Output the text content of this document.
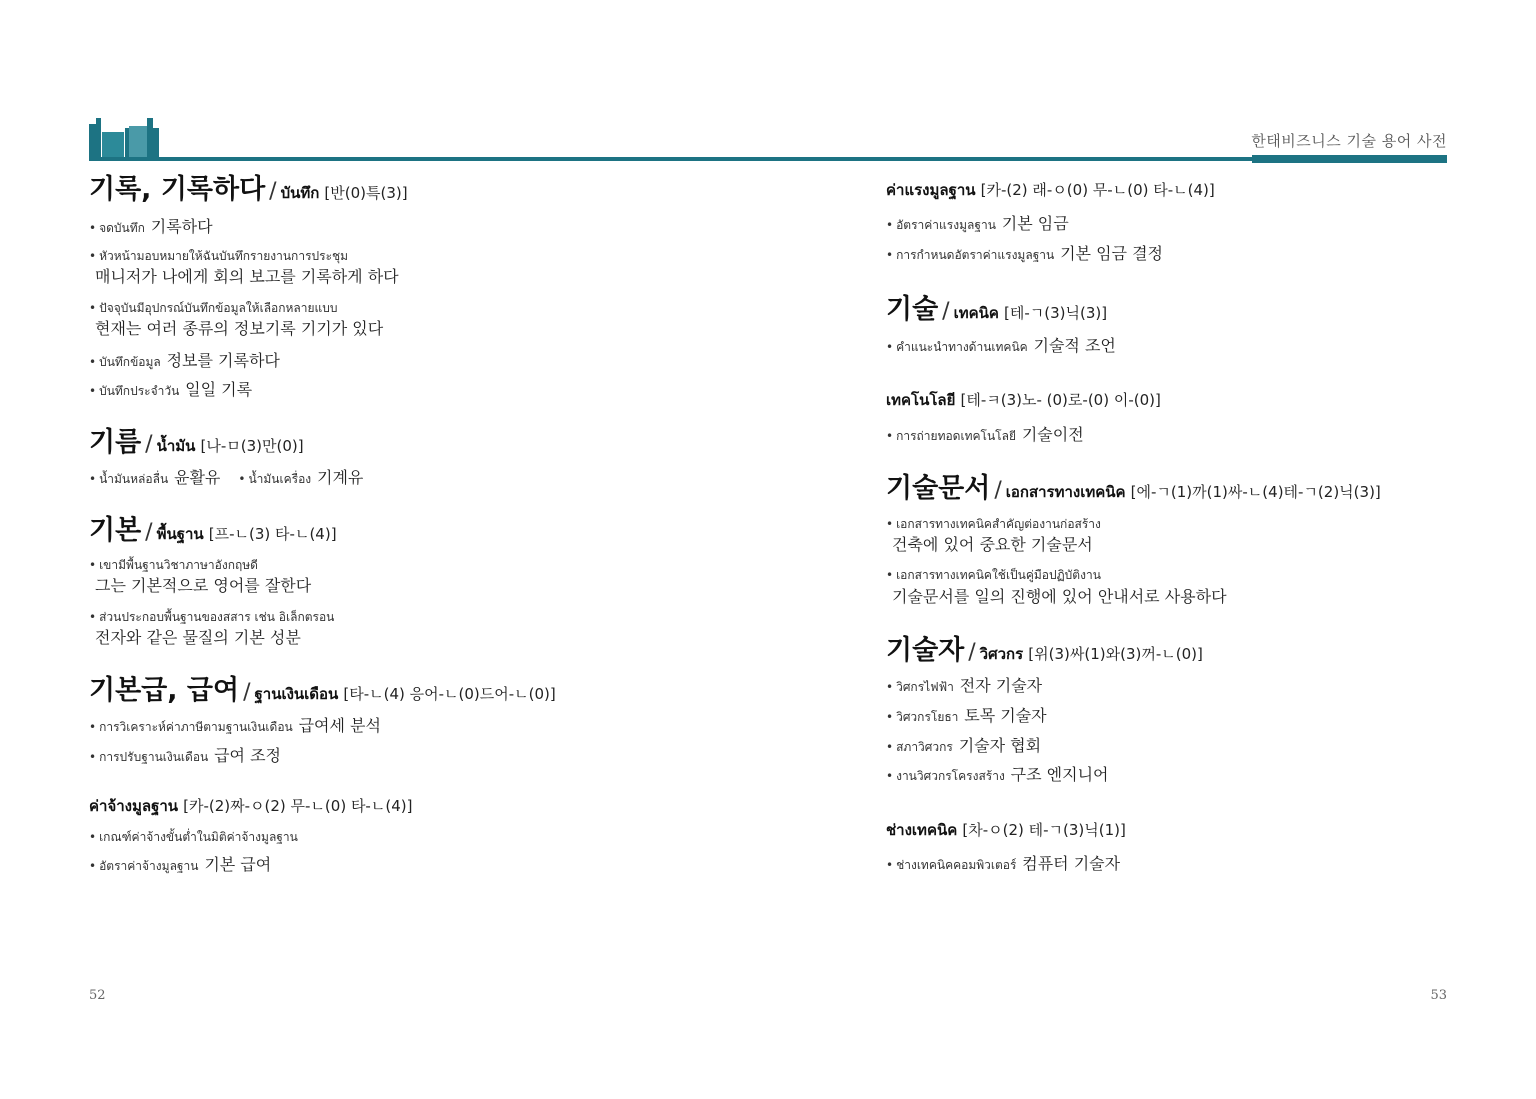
한태비즈니스 기술 용어 사전
기록, 기록하다 / บันทึก [반(0)특(3)]
• จดบันทึก 기록하다
• หัวหน้ามอบหมายให้ฉันบันทึกรายงานการประชุม
매니저가 나에게 회의 보고를 기록하게 하다
• ปัจจุบันมีอุปกรณ์บันทึกข้อมูลให้เลือกหลายแบบ
현재는 여러 종류의 정보기록 기기가 있다
• บันทึกข้อมูล 정보를 기록하다
• บันทึกประจำวัน 일일 기록
기름 / น้ำมัน [나-ㅁ(3)만(0)]
• น้ำมันหล่อลื่น 윤활유 • น้ำมันเครื่อง 기계유
기본 / พื้นฐาน [프-ㄴ(3) 타-ㄴ(4)]
• เขามีพื้นฐานวิชาภาษาอังกฤษดี
그는 기본적으로 영어를 잘한다
• ส่วนประกอบพื้นฐานของสสาร เช่น อิเล็กตรอน
전자와 같은 물질의 기본 성분
기본급, 급여 / ฐานเงินเดือน [타-ㄴ(4) 응어-ㄴ(0)드어-ㄴ(0)]
• การวิเคราะห์ค่าภาษีตามฐานเงินเดือน 급여세 분석
• การปรับฐานเงินเดือน 급여 조정
ค่าจ้างมูลฐาน [카-(2)짜-ㅇ(2) 무-ㄴ(0) 타-ㄴ(4)]
• เกณฑ์ค่าจ้างขั้นต่ำในมิติค่าจ้างมูลฐาน
• อัตราค่าจ้างมูลฐาน 기본 급여
ค่าแรงมูลฐาน [카-(2) 래-ㅇ(0) 무-ㄴ(0) 타-ㄴ(4)]
• อัตราค่าแรงมูลฐาน 기본 임금
• การกำหนดอัตราค่าแรงมูลฐาน 기본 임금 결정
기술 / เทคนิค [테-ㄱ(3)닉(3)]
• คำแนะนำทางด้านเทคนิค 기술적 조언
เทคโนโลยี [테-ㅋ(3)노- (0)로-(0) 이-(0)]
• การถ่ายทอดเทคโนโลยี 기술이전
기술문서 / เอกสารทางเทคนิค [에-ㄱ(1)까(1)싸-ㄴ(4)테-ㄱ(2)닉(3)]
• เอกสารทางเทคนิคสำคัญต่องานก่อสร้าง
건축에 있어 중요한 기술문서
• เอกสารทางเทคนิคใช้เป็นคู่มือปฏิบัติงาน
기술문서를 일의 진행에 있어 안내서로 사용하다
기술자 / วิศวกร [위(3)싸(1)와(3)꺼-ㄴ(0)]
• วิศกรไฟฟ้า 전자 기술자
• วิศวกรโยธา 토목 기술자
• สภาวิศวกร 기술자 협회
• งานวิศวกรโครงสร้าง 구조 엔지니어
ช่างเทคนิค [차-ㅇ(2) 테-ㄱ(3)닉(1)]
• ช่างเทคนิคคอมพิวเตอร์ 컴퓨터 기술자
52	53
